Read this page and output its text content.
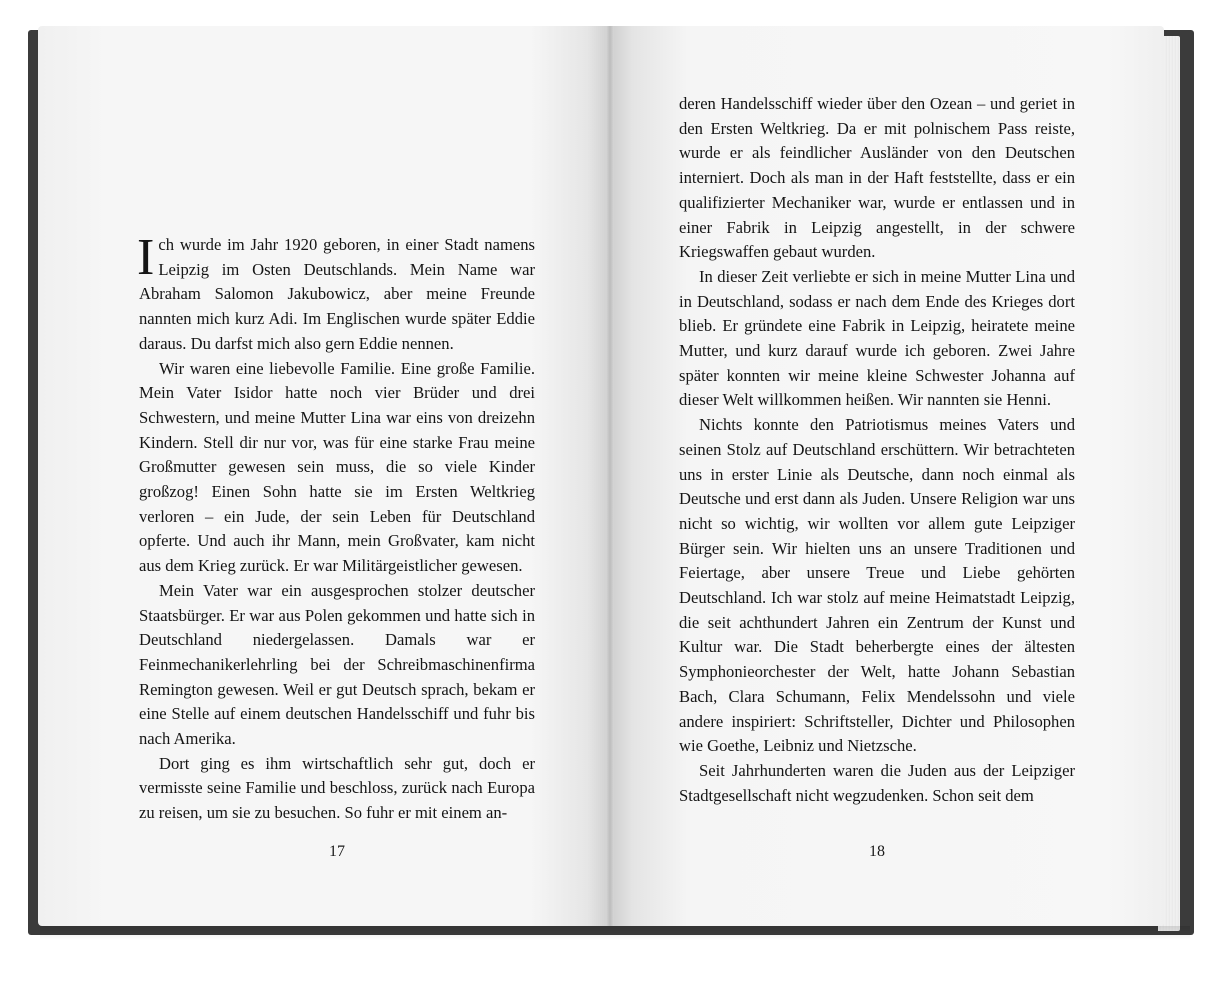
Ich wurde im Jahr 1920 geboren, in einer Stadt namens Leipzig im Osten Deutschlands. Mein Name war Abraham Salomon Jakubowicz, aber meine Freunde nannten mich kurz Adi. Im Englischen wurde später Eddie daraus. Du darfst mich also gern Eddie nennen.

Wir waren eine liebevolle Familie. Eine große Familie. Mein Vater Isidor hatte noch vier Brüder und drei Schwestern, und meine Mutter Lina war eins von dreizehn Kindern. Stell dir nur vor, was für eine starke Frau meine Großmutter gewesen sein muss, die so viele Kinder großzog! Einen Sohn hatte sie im Ersten Weltkrieg verloren – ein Jude, der sein Leben für Deutschland opferte. Und auch ihr Mann, mein Großvater, kam nicht aus dem Krieg zurück. Er war Militärgeistlicher gewesen.

Mein Vater war ein ausgesprochen stolzer deutscher Staatsbürger. Er war aus Polen gekommen und hatte sich in Deutschland niedergelassen. Damals war er Feinmechanikerlehrling bei der Schreibmaschinenfirma Remington gewesen. Weil er gut Deutsch sprach, bekam er eine Stelle auf einem deutschen Handelsschiff und fuhr bis nach Amerika.

Dort ging es ihm wirtschaftlich sehr gut, doch er vermisste seine Familie und beschloss, zurück nach Europa zu reisen, um sie zu besuchen. So fuhr er mit einem an-

deren Handelsschiff wieder über den Ozean – und geriet in den Ersten Weltkrieg. Da er mit polnischem Pass reiste, wurde er als feindlicher Ausländer von den Deutschen interniert. Doch als man in der Haft feststellte, dass er ein qualifizierter Mechaniker war, wurde er entlassen und in einer Fabrik in Leipzig angestellt, in der schwere Kriegswaffen gebaut wurden.

In dieser Zeit verliebte er sich in meine Mutter Lina und in Deutschland, sodass er nach dem Ende des Krieges dort blieb. Er gründete eine Fabrik in Leipzig, heiratete meine Mutter, und kurz darauf wurde ich geboren. Zwei Jahre später konnten wir meine kleine Schwester Johanna auf dieser Welt willkommen heißen. Wir nannten sie Henni.

Nichts konnte den Patriotismus meines Vaters und seinen Stolz auf Deutschland erschüttern. Wir betrachteten uns in erster Linie als Deutsche, dann noch einmal als Deutsche und erst dann als Juden. Unsere Religion war uns nicht so wichtig, wir wollten vor allem gute Leipziger Bürger sein. Wir hielten uns an unsere Traditionen und Feiertage, aber unsere Treue und Liebe gehörten Deutschland. Ich war stolz auf meine Heimatstadt Leipzig, die seit achthundert Jahren ein Zentrum der Kunst und Kultur war. Die Stadt beherbergte eines der ältesten Symphonieorchester der Welt, hatte Johann Sebastian Bach, Clara Schumann, Felix Mendelssohn und viele andere inspiriert: Schriftsteller, Dichter und Philosophen wie Goethe, Leibniz und Nietzsche.

Seit Jahrhunderten waren die Juden aus der Leipziger Stadtgesellschaft nicht wegzudenken. Schon seit dem

17	18
